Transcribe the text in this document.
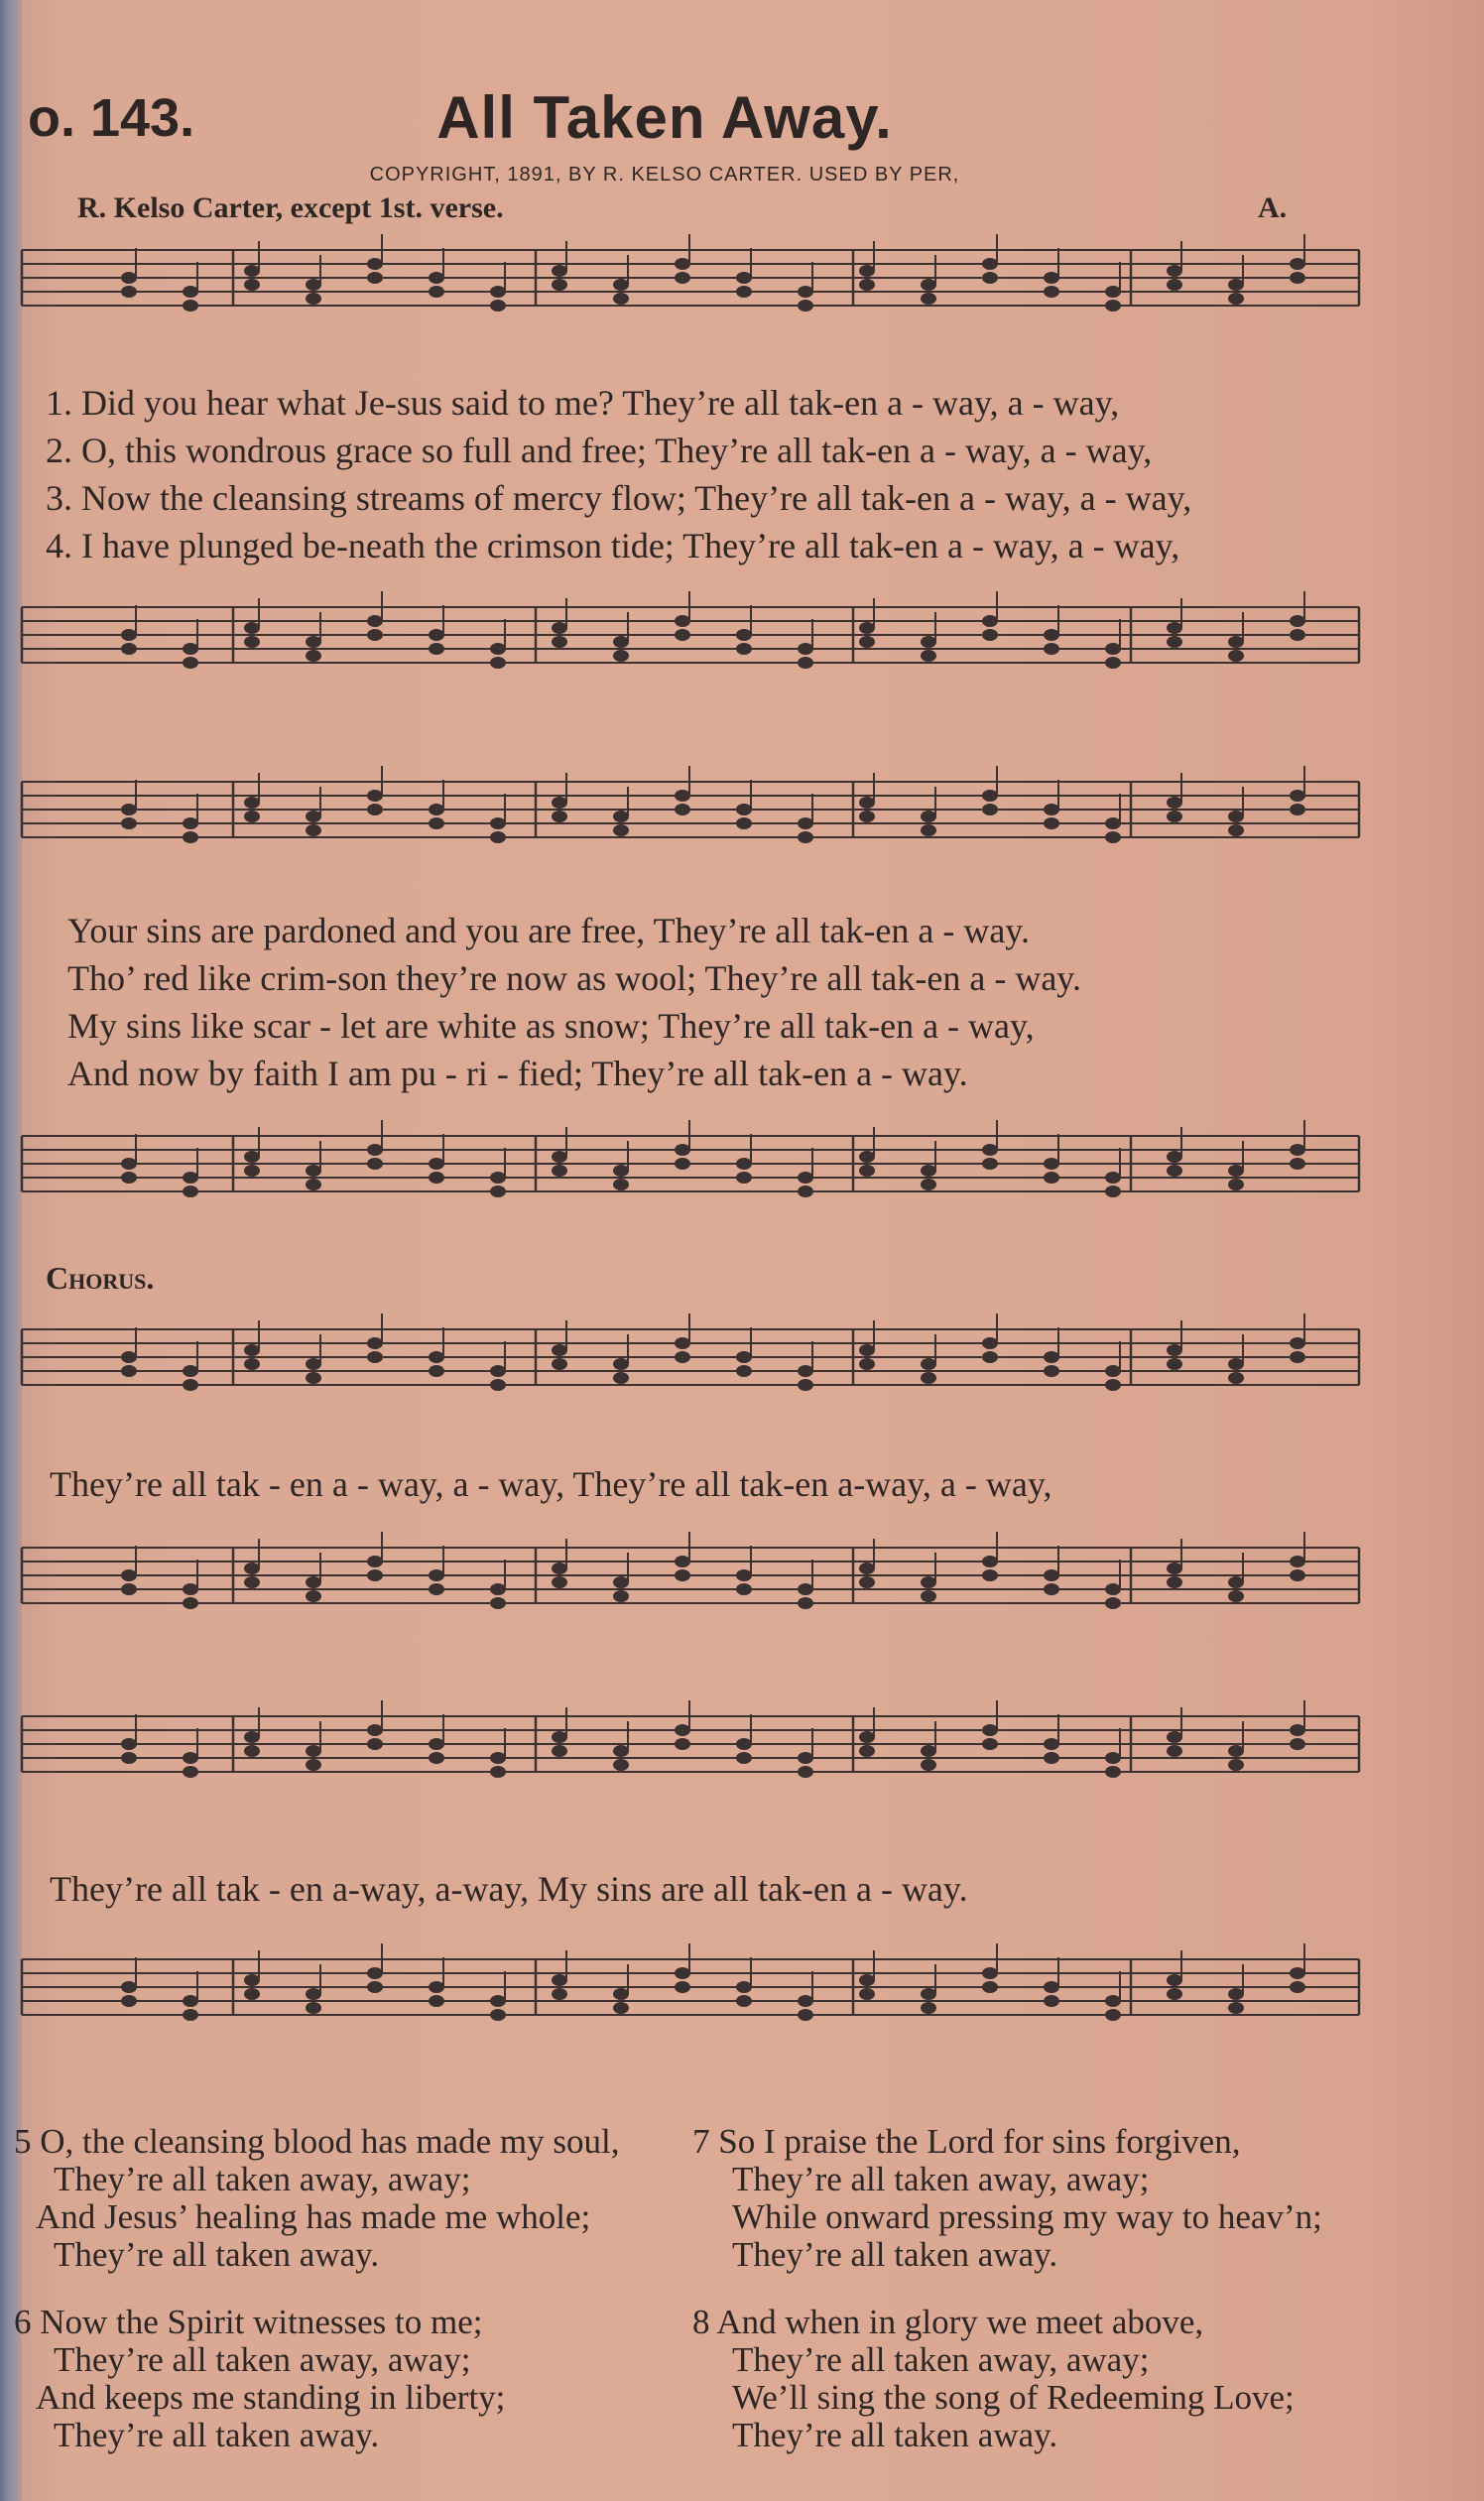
o. 143.	All Taken Away.
COPYRIGHT, 1891, BY R. KELSO CARTER. USED BY PER,
R. Kelso Carter, except 1st. verse.	A.
1. Did you hear what Je-sus said to me? They’re all tak-en a - way, a - way,
2. O, this wondrous grace so full and free; They’re all tak-en a - way, a - way,
3. Now the cleansing streams of mercy flow; They’re all tak-en a - way, a - way,
4. I have plunged be-neath the crimson tide; They’re all tak-en a - way, a - way,
Your sins are pardoned and you are free, They’re all tak-en a - way.
Tho’ red like crim-son they’re now as wool; They’re all tak-en a - way.
My sins like scar - let are white as snow; They’re all tak-en a - way,
And now by faith I am pu - ri - fied; They’re all tak-en a - way.
Chorus.
They’re all tak - en a - way, a - way, They’re all tak-en a-way, a - way,
They’re all tak - en a-way, a-way, My sins are all tak-en a - way.
5 O, the cleansing blood has made my soul,
They’re all taken away, away;
And Jesus’ healing has made me whole;
They’re all taken away.
7 So I praise the Lord for sins forgiven,
They’re all taken away, away;
While onward pressing my way to heav’n;
They’re all taken away.
6 Now the Spirit witnesses to me;
They’re all taken away, away;
And keeps me standing in liberty;
They’re all taken away.
8 And when in glory we meet above,
They’re all taken away, away;
We’ll sing the song of Redeeming Love;
They’re all taken away.
